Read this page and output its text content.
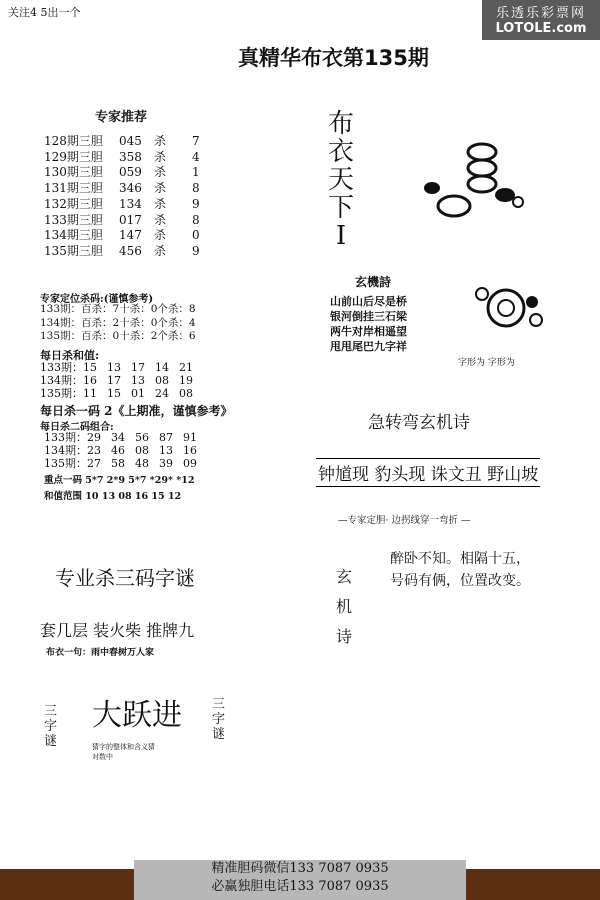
关注4 5出一个	乐透乐彩票网
LOTOLE.com
真精华布衣第135期
专家推荐
128期三胆 045 杀 7
129期三胆 358 杀 4
130期三胆 059 杀 1
131期三胆 346 杀 8
132期三胆 134 杀 9
133期三胆 017 杀 8
134期三胆 147 杀 0
135期三胆 456 杀 9
专家定位杀码:(谨慎参考)
133期：百杀：7十杀：0个杀：8
134期：百杀：2十杀：0个杀：4
135期：百杀：0十杀：2个杀：6
每日杀和值:
133期：15 13 17 14 21
134期：16 17 13 08 19
135期：11 15 01 24 08
每日杀一码 2《上期准，谨慎参考》
每日杀二码组合:
133期：29 34 56 87 91
134期：23 46 08 13 16
135期：27 58 48 39 09
重点一码 5*7 2*9 5*7 *29* *12
和值范围 10 13 08 16 15 12
专业杀三码字谜
套几层 装火柴 推牌九
布衣一句：雨中春树万人家
三字谜
大跃进
猜字的整体和含义猜
对数中
三字谜
布衣天下Ⅰ
玄機詩
山前山后尽是桥
银河倒挂三石梁
两牛对岸相遥望
甩甩尾巴九字祥
字形为 字形为
急转弯玄机诗
钟馗现 豹头现 诛文丑 野山坡
—专家定胆· 边拐线穿一弯折 —
玄机诗
醉卧不知。相隔十五，
号码有俩，位置改变。
精准胆码微信133 7087 0935
必赢独胆电话133 7087 0935
